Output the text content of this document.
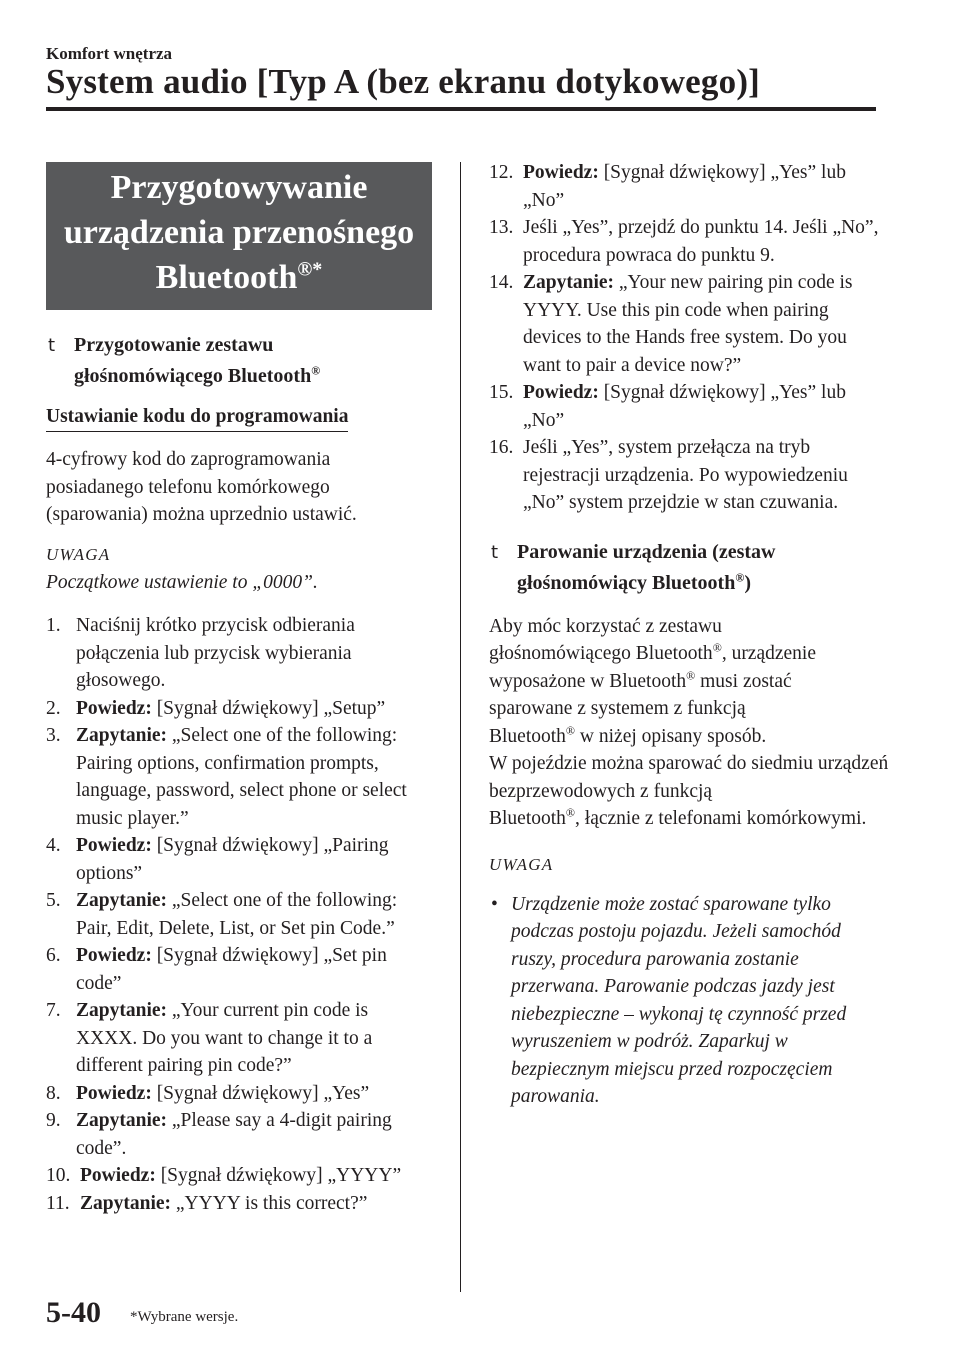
Komfort wnętrza
System audio [Typ A (bez ekranu dotykowego)]
Przygotowywanie
urządzenia przenośnego
Bluetooth®*
t Przygotowanie zestawu
głośnomówiącego Bluetooth®
Ustawianie kodu do programowania

4-cyfrowy kod do zaprogramowania posiadanego telefonu komórkowego (sparowania) można uprzednio ustawić.

UWAGA
Początkowe ustawienie to „0000”.
1. Naciśnij krótko przycisk odbierania połączenia lub przycisk wybierania głosowego.
2. Powiedz: [Sygnał dźwiękowy] „Setup”
3. Zapytanie: „Select one of the following: Pairing options, confirmation prompts, language, password, select phone or select music player.”
4. Powiedz: [Sygnał dźwiękowy] „Pairing options”
5. Zapytanie: „Select one of the following: Pair, Edit, Delete, List, or Set pin Code.”
6. Powiedz: [Sygnał dźwiękowy] „Set pin code”
7. Zapytanie: „Your current pin code is XXXX. Do you want to change it to a different pairing pin code?”
8. Powiedz: [Sygnał dźwiękowy] „Yes”
9. Zapytanie: „Please say a 4-digit pairing code”.
10. Powiedz: [Sygnał dźwiękowy] „YYYY”
11. Zapytanie: „YYYY is this correct?”
12. Powiedz: [Sygnał dźwiękowy] „Yes” lub „No”
13. Jeśli „Yes”, przejdź do punktu 14. Jeśli „No”, procedura powraca do punktu 9.
14. Zapytanie: „Your new pairing pin code is YYYY. Use this pin code when pairing devices to the Hands free system. Do you want to pair a device now?”
15. Powiedz: [Sygnał dźwiękowy] „Yes” lub „No”
16. Jeśli „Yes”, system przełącza na tryb rejestracji urządzenia. Po wypowiedzeniu „No” system przejdzie w stan czuwania.
t Parowanie urządzenia (zestaw
głośnomówiący Bluetooth®)

Aby móc korzystać z zestawu

głośnomówiącego Bluetooth®, urządzenie

wyposażone w Bluetooth® musi zostać

sparowane z systemem z funkcją

Bluetooth® w niżej opisany sposób.

W pojeździe można sparować do siedmiu urządzeń bezprzewodowych z funkcją

Bluetooth®, łącznie z telefonami komórkowymi.

UWAGA
• Urządzenie może zostać sparowane tylko podczas postoju pojazdu. Jeżeli samochód ruszy, procedura parowania zostanie przerwana. Parowanie podczas jazdy jest niebezpieczne – wykonaj tę czynność przed wyruszeniem w podróż. Zaparkuj w bezpiecznym miejscu przed rozpoczęciem parowania.
5-40 *Wybrane wersje.
